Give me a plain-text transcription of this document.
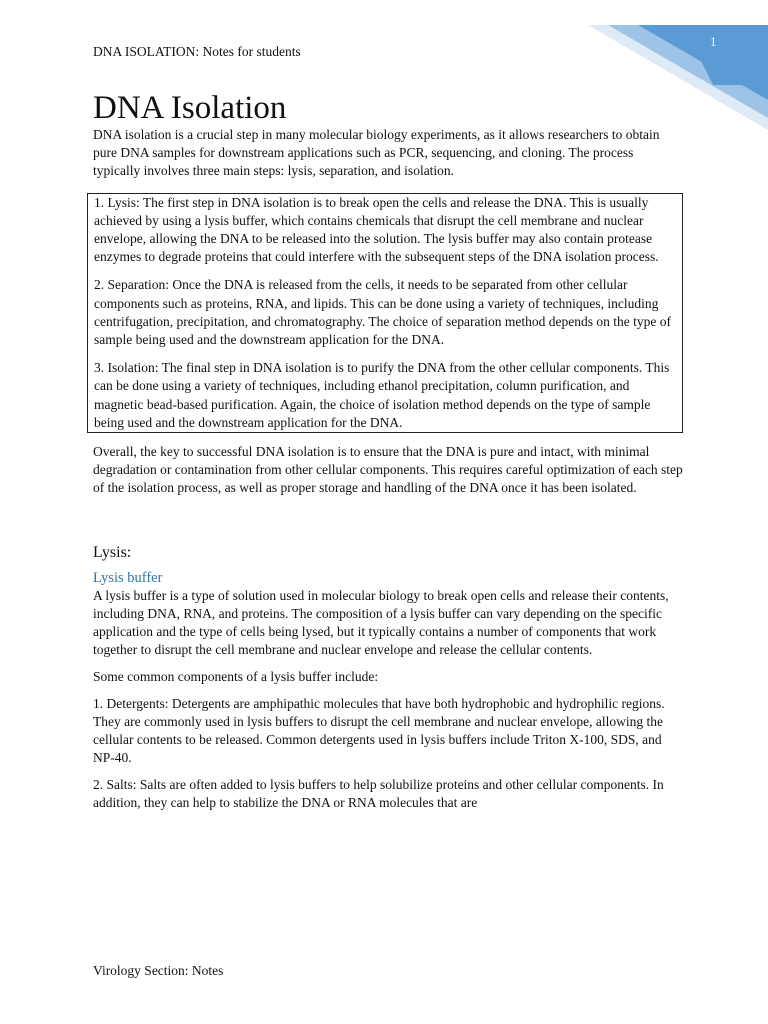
1
DNA ISOLATION: Notes for students
DNA Isolation

DNA isolation is a crucial step in many molecular biology experiments, as it allows researchers to obtain pure DNA samples for downstream applications such as PCR, sequencing, and cloning. The process typically involves three main steps: lysis, separation, and isolation.

1. Lysis: The first step in DNA isolation is to break open the cells and release the DNA. This is usually achieved by using a lysis buffer, which contains chemicals that disrupt the cell membrane and nuclear envelope, allowing the DNA to be released into the solution. The lysis buffer may also contain protease enzymes to degrade proteins that could interfere with the subsequent steps of the DNA isolation process.

2. Separation: Once the DNA is released from the cells, it needs to be separated from other cellular components such as proteins, RNA, and lipids. This can be done using a variety of techniques, including centrifugation, precipitation, and chromatography. The choice of separation method depends on the type of sample being used and the downstream application for the DNA.

3. Isolation: The final step in DNA isolation is to purify the DNA from the other cellular components. This can be done using a variety of techniques, including ethanol precipitation, column purification, and magnetic bead-based purification. Again, the choice of isolation method depends on the type of sample being used and the downstream application for the DNA.

Overall, the key to successful DNA isolation is to ensure that the DNA is pure and intact, with minimal degradation or contamination from other cellular components. This requires careful optimization of each step of the isolation process, as well as proper storage and handling of the DNA once it has been isolated.

Lysis:
Lysis buffer

A lysis buffer is a type of solution used in molecular biology to break open cells and release their contents, including DNA, RNA, and proteins. The composition of a lysis buffer can vary depending on the specific application and the type of cells being lysed, but it typically contains a number of components that work together to disrupt the cell membrane and nuclear envelope and release the cellular contents.

Some common components of a lysis buffer include:

1. Detergents: Detergents are amphipathic molecules that have both hydrophobic and hydrophilic regions. They are commonly used in lysis buffers to disrupt the cell membrane and nuclear envelope, allowing the cellular contents to be released. Common detergents used in lysis buffers include Triton X-100, SDS, and NP-40.

2. Salts: Salts are often added to lysis buffers to help solubilize proteins and other cellular components. In addition, they can help to stabilize the DNA or RNA molecules that are

Virology Section: Notes
